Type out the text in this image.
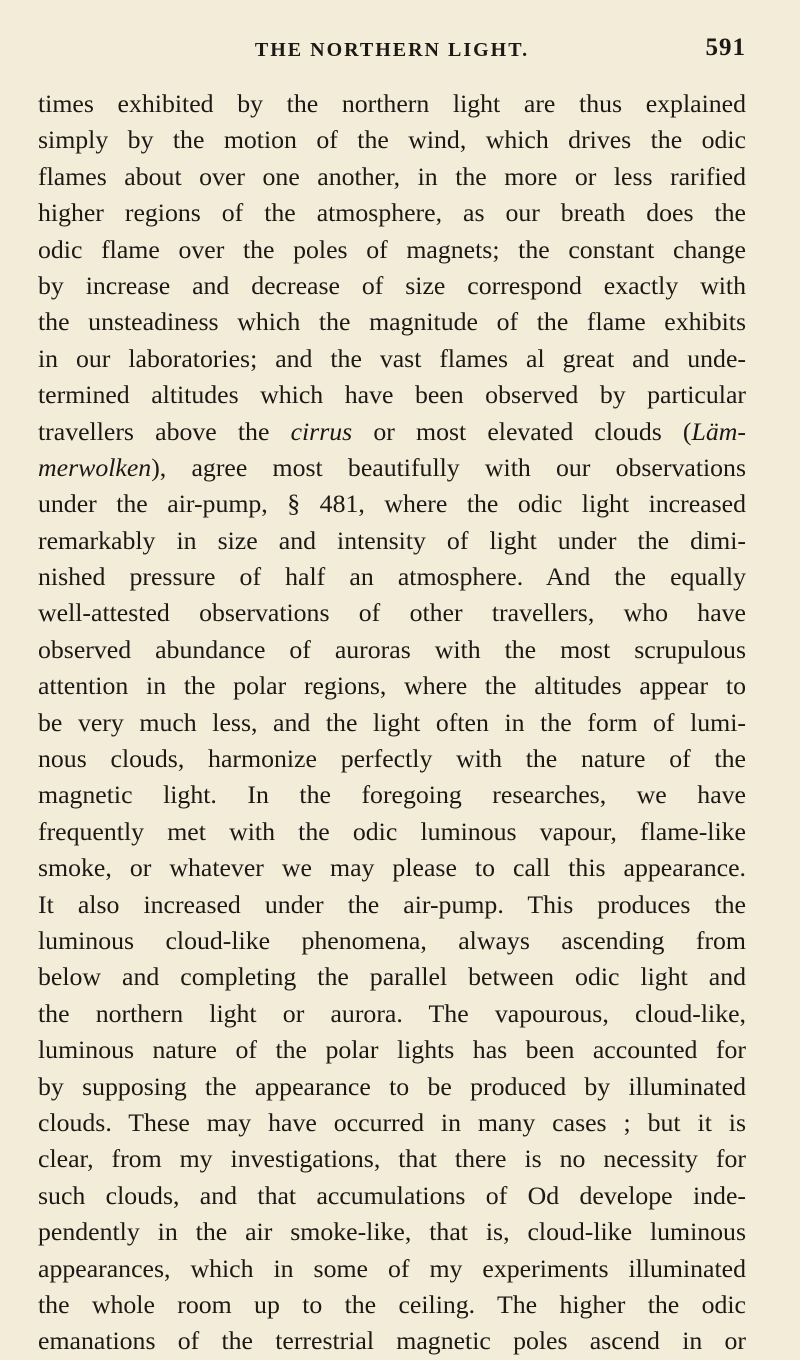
THE NORTHERN LIGHT.	591
times exhibited by the northern light are thus explained
simply by the motion of the wind, which drives the odic
flames about over one another, in the more or less rarified
higher regions of the atmosphere, as our breath does the
odic flame over the poles of magnets; the constant change
by increase and decrease of size correspond exactly with
the unsteadiness which the magnitude of the flame exhibits
in our laboratories; and the vast flames al great and unde-
termined altitudes which have been observed by particular
travellers above the cirrus or most elevated clouds (Läm-
merwolken), agree most beautifully with our observations
under the air-pump, § 481, where the odic light increased
remarkably in size and intensity of light under the dimi-
nished pressure of half an atmosphere. And the equally
well-attested observations of other travellers, who have
observed abundance of auroras with the most scrupulous
attention in the polar regions, where the altitudes appear to
be very much less, and the light often in the form of lumi-
nous clouds, harmonize perfectly with the nature of the
magnetic light. In the foregoing researches, we have
frequently met with the odic luminous vapour, flame-like
smoke, or whatever we may please to call this appearance.
It also increased under the air-pump. This produces the
luminous cloud-like phenomena, always ascending from
below and completing the parallel between odic light and
the northern light or aurora. The vapourous, cloud-like,
luminous nature of the polar lights has been accounted for
by supposing the appearance to be produced by illuminated
clouds. These may have occurred in many cases ; but it is
clear, from my investigations, that there is no necessity for
such clouds, and that accumulations of Od develope inde-
pendently in the air smoke-like, that is, cloud-like luminous
appearances, which in some of my experiments illuminated
the whole room up to the ceiling. The higher the odic
emanations of the terrestrial magnetic poles ascend in or
